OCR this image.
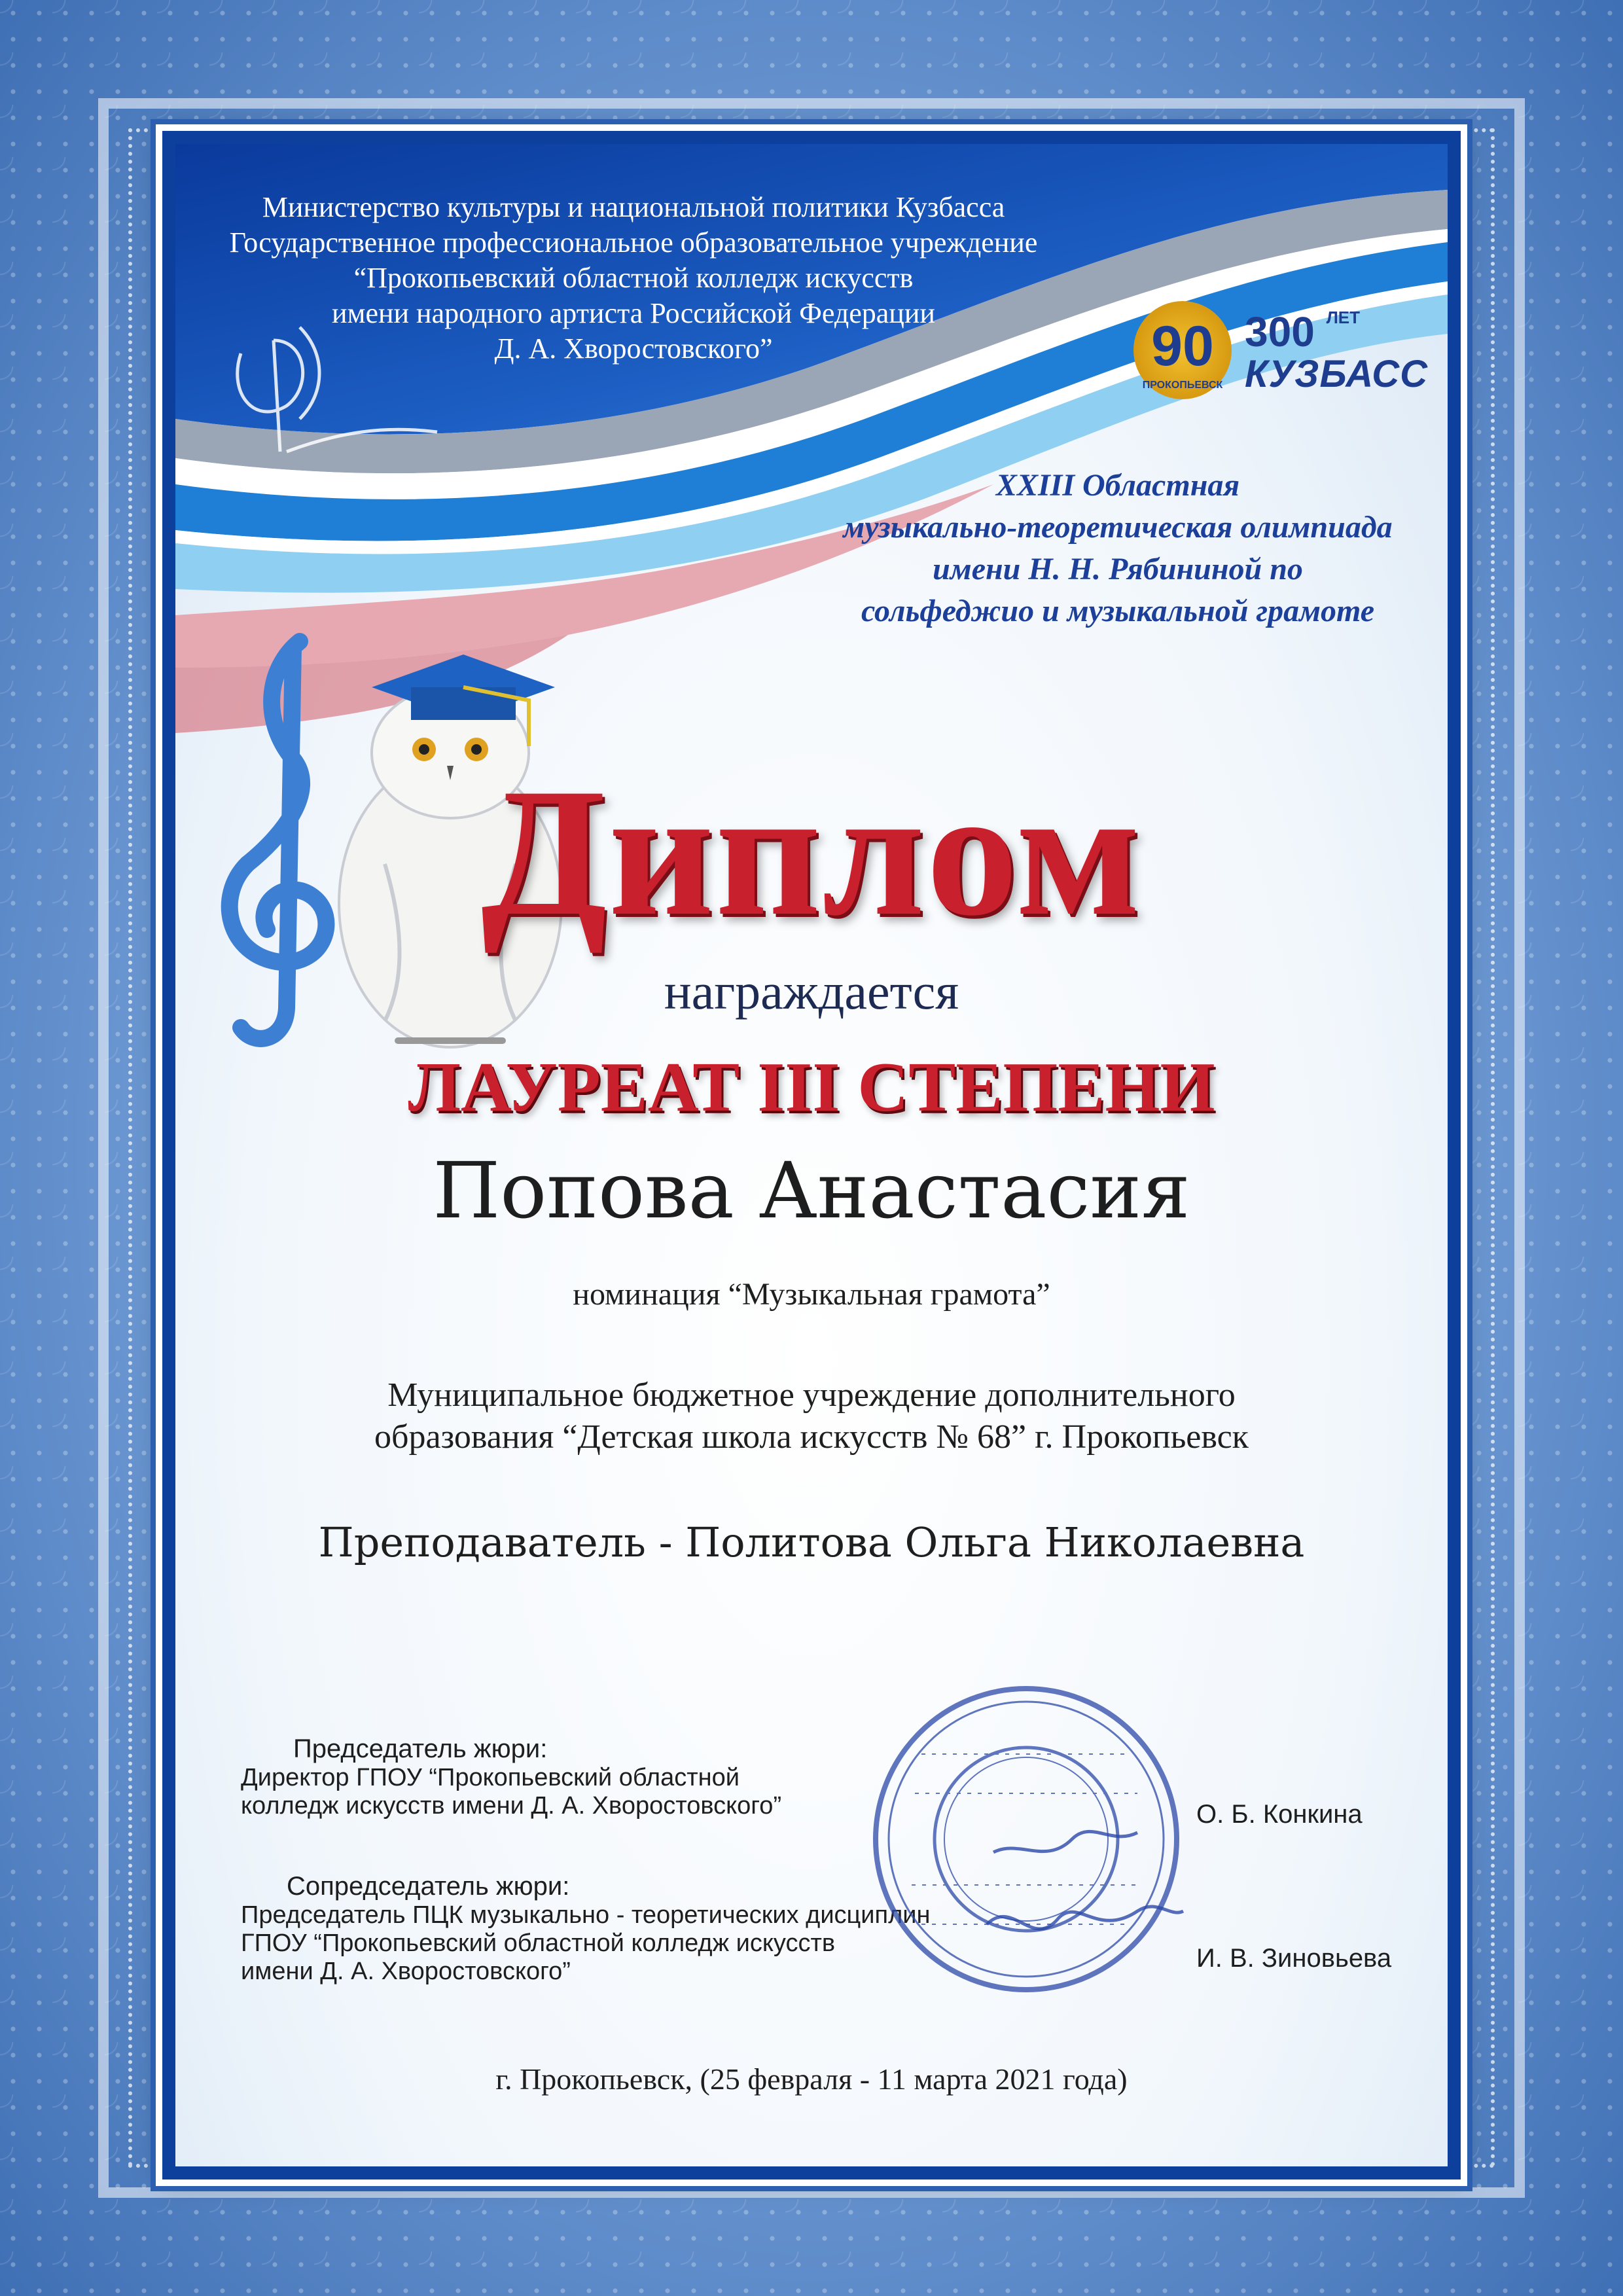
Министерство культуры и национальной политики Кузбасса
Государственное профессиональное образовательное учреждение
“Прокопьевский областной колледж искусств
имени народного артиста Российской Федерации
Д. А. Хворостовского”	90
ПРОКОПЬЕВСК
300 $^{ЛЕТ}$
КУЗБАСС
XXIII Областная
музыкально-теоретическая олимпиада
имени Н. Н. Рябининой по
сольфеджио и музыкальной грамоте
Диплом
награждается
ЛАУРЕАТ III СТЕПЕНИ
Попова Анастасия
номинация “Музыкальная грамота”
Муниципальное бюджетное учреждение дополнительного
образования “Детская школа искусств № 68” г. Прокопьевск
Преподаватель - Политова Ольга Николаевна
Председатель жюри:
Директор ГПОУ “Прокопьевский областной
колледж искусств имени Д. А. Хворостовского”	О. Б. Конкина
Сопредседатель жюри:
Председатель ПЦК музыкально - теоретических дисциплин
ГПОУ “Прокопьевский областной колледж искусств
имени Д. А. Хворостовского”	И. В. Зиновьева
г. Прокопьевск, (25 февраля - 11 марта 2021 года)
